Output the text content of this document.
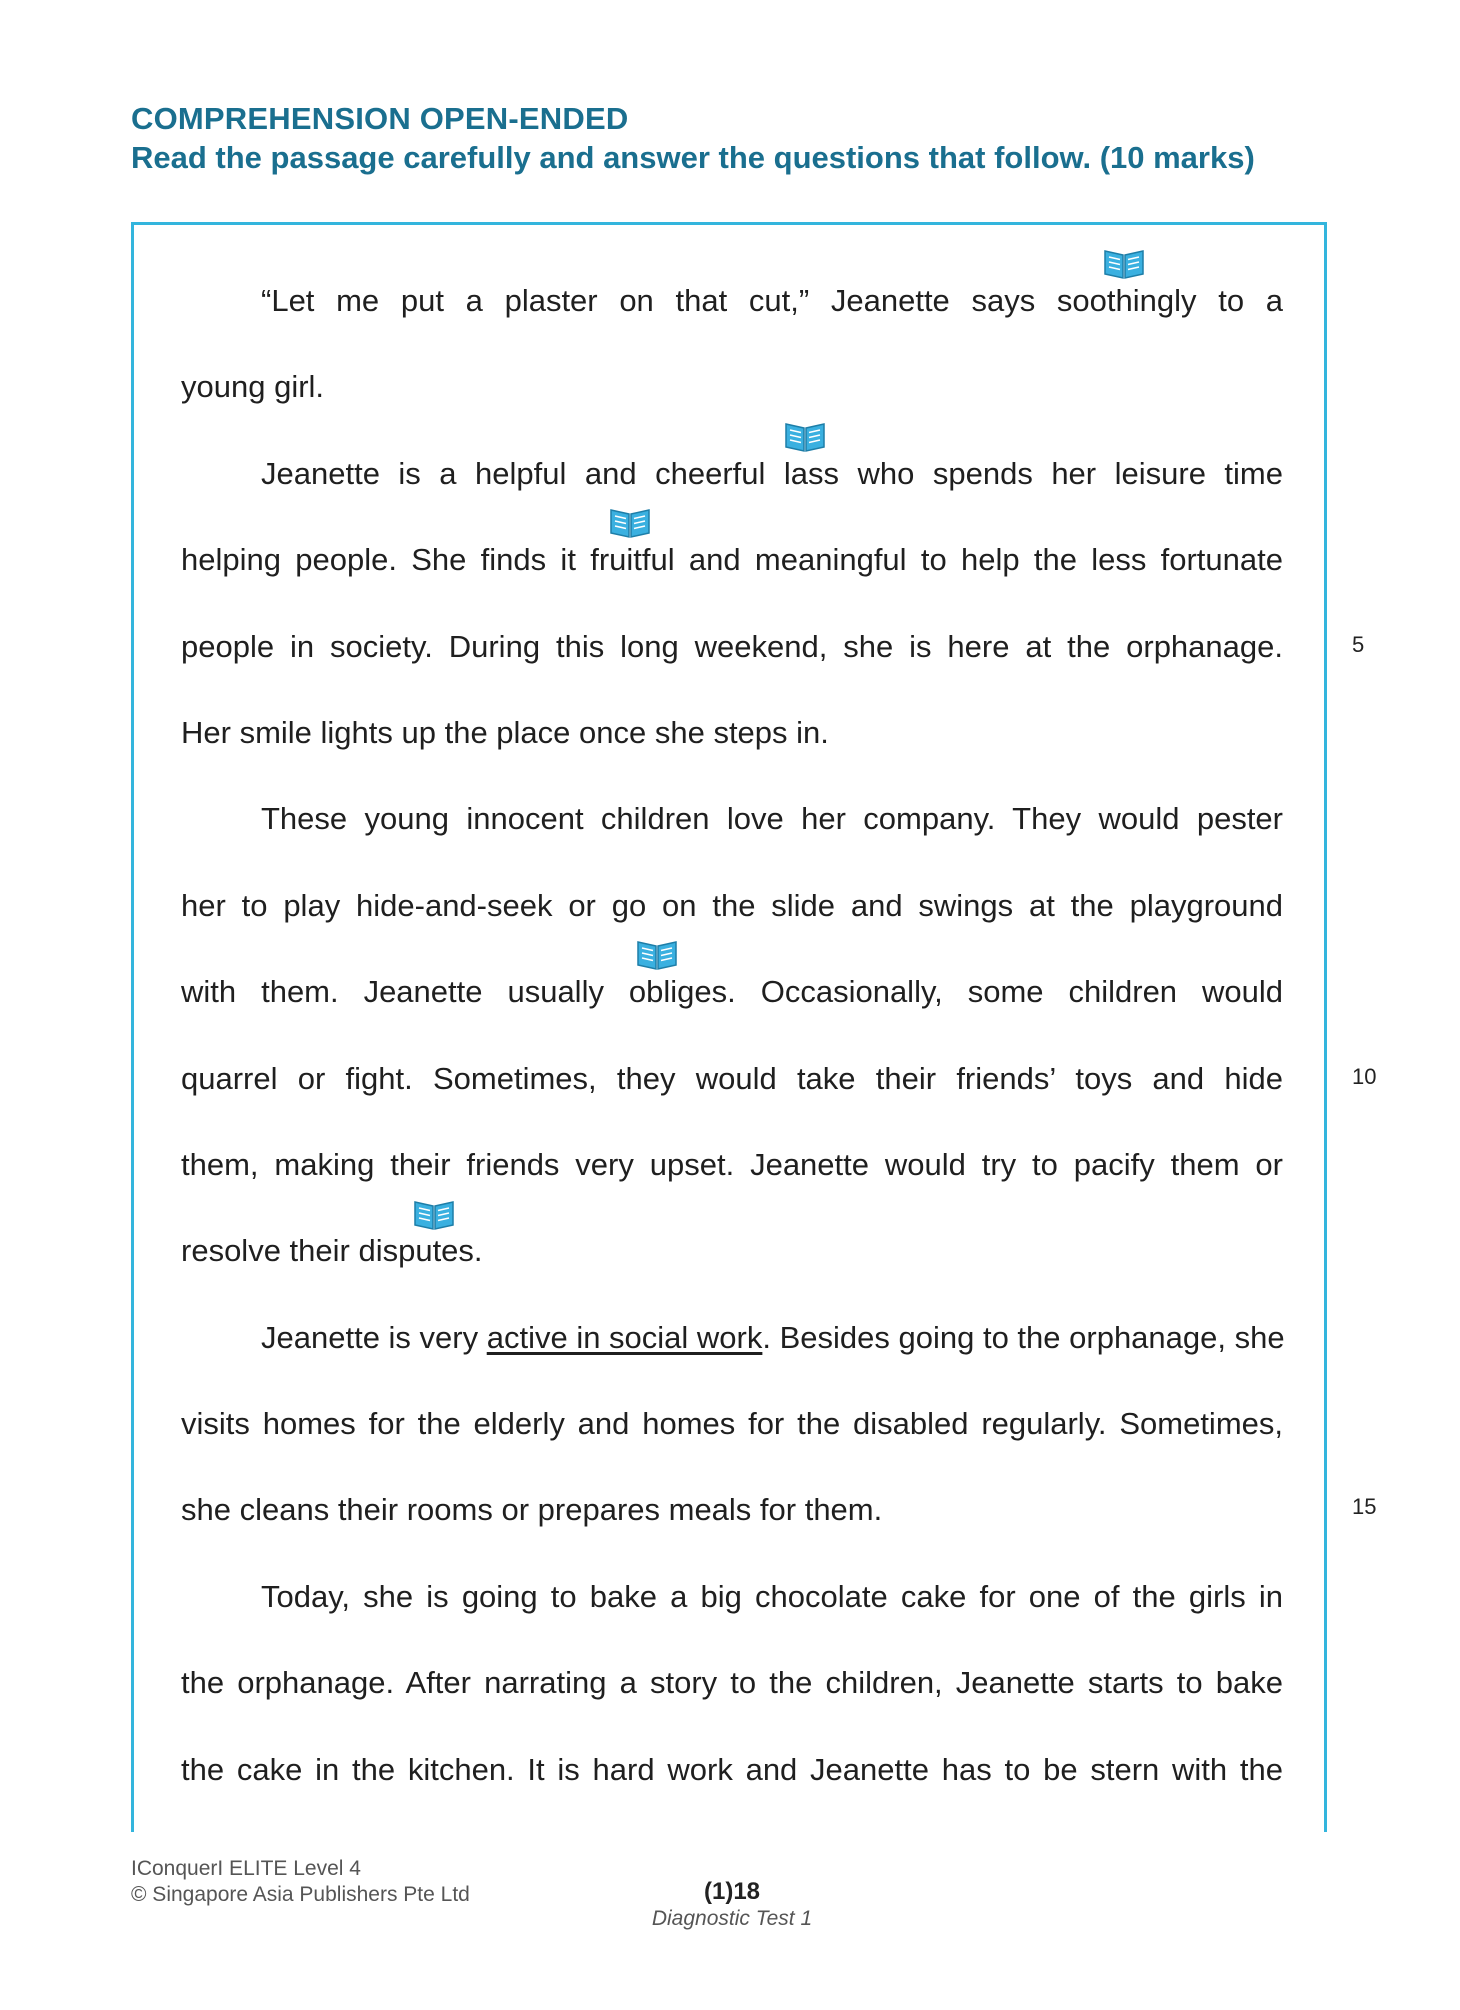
COMPREHENSION OPEN-ENDED
Read the passage carefully and answer the questions that follow. (10 marks)
“Let me put a plaster on that cut,” Jeanette says soothingly to a
young girl.
Jeanette is a helpful and cheerful lass who spends her leisure time
helping people. She finds it fruitful and meaningful to help the less fortunate
people in society. During this long weekend, she is here at the orphanage.
Her smile lights up the place once she steps in.
These young innocent children love her company. They would pester
her to play hide-and-seek or go on the slide and swings at the playground
with them. Jeanette usually obliges. Occasionally, some children would
quarrel or fight. Sometimes, they would take their friends’ toys and hide
them, making their friends very upset. Jeanette would try to pacify them or
resolve their disputes.
Jeanette is very active in social work. Besides going to the orphanage, she
visits homes for the elderly and homes for the disabled regularly. Sometimes,
she cleans their rooms or prepares meals for them.
Today, she is going to bake a big chocolate cake for one of the girls in
the orphanage. After narrating a story to the children, Jeanette starts to bake
the cake in the kitchen. It is hard work and Jeanette has to be stern with the
5
10
15
IConquerI ELITE Level 4
© Singapore Asia Publishers Pte Ltd	(1)18
Diagnostic Test 1
